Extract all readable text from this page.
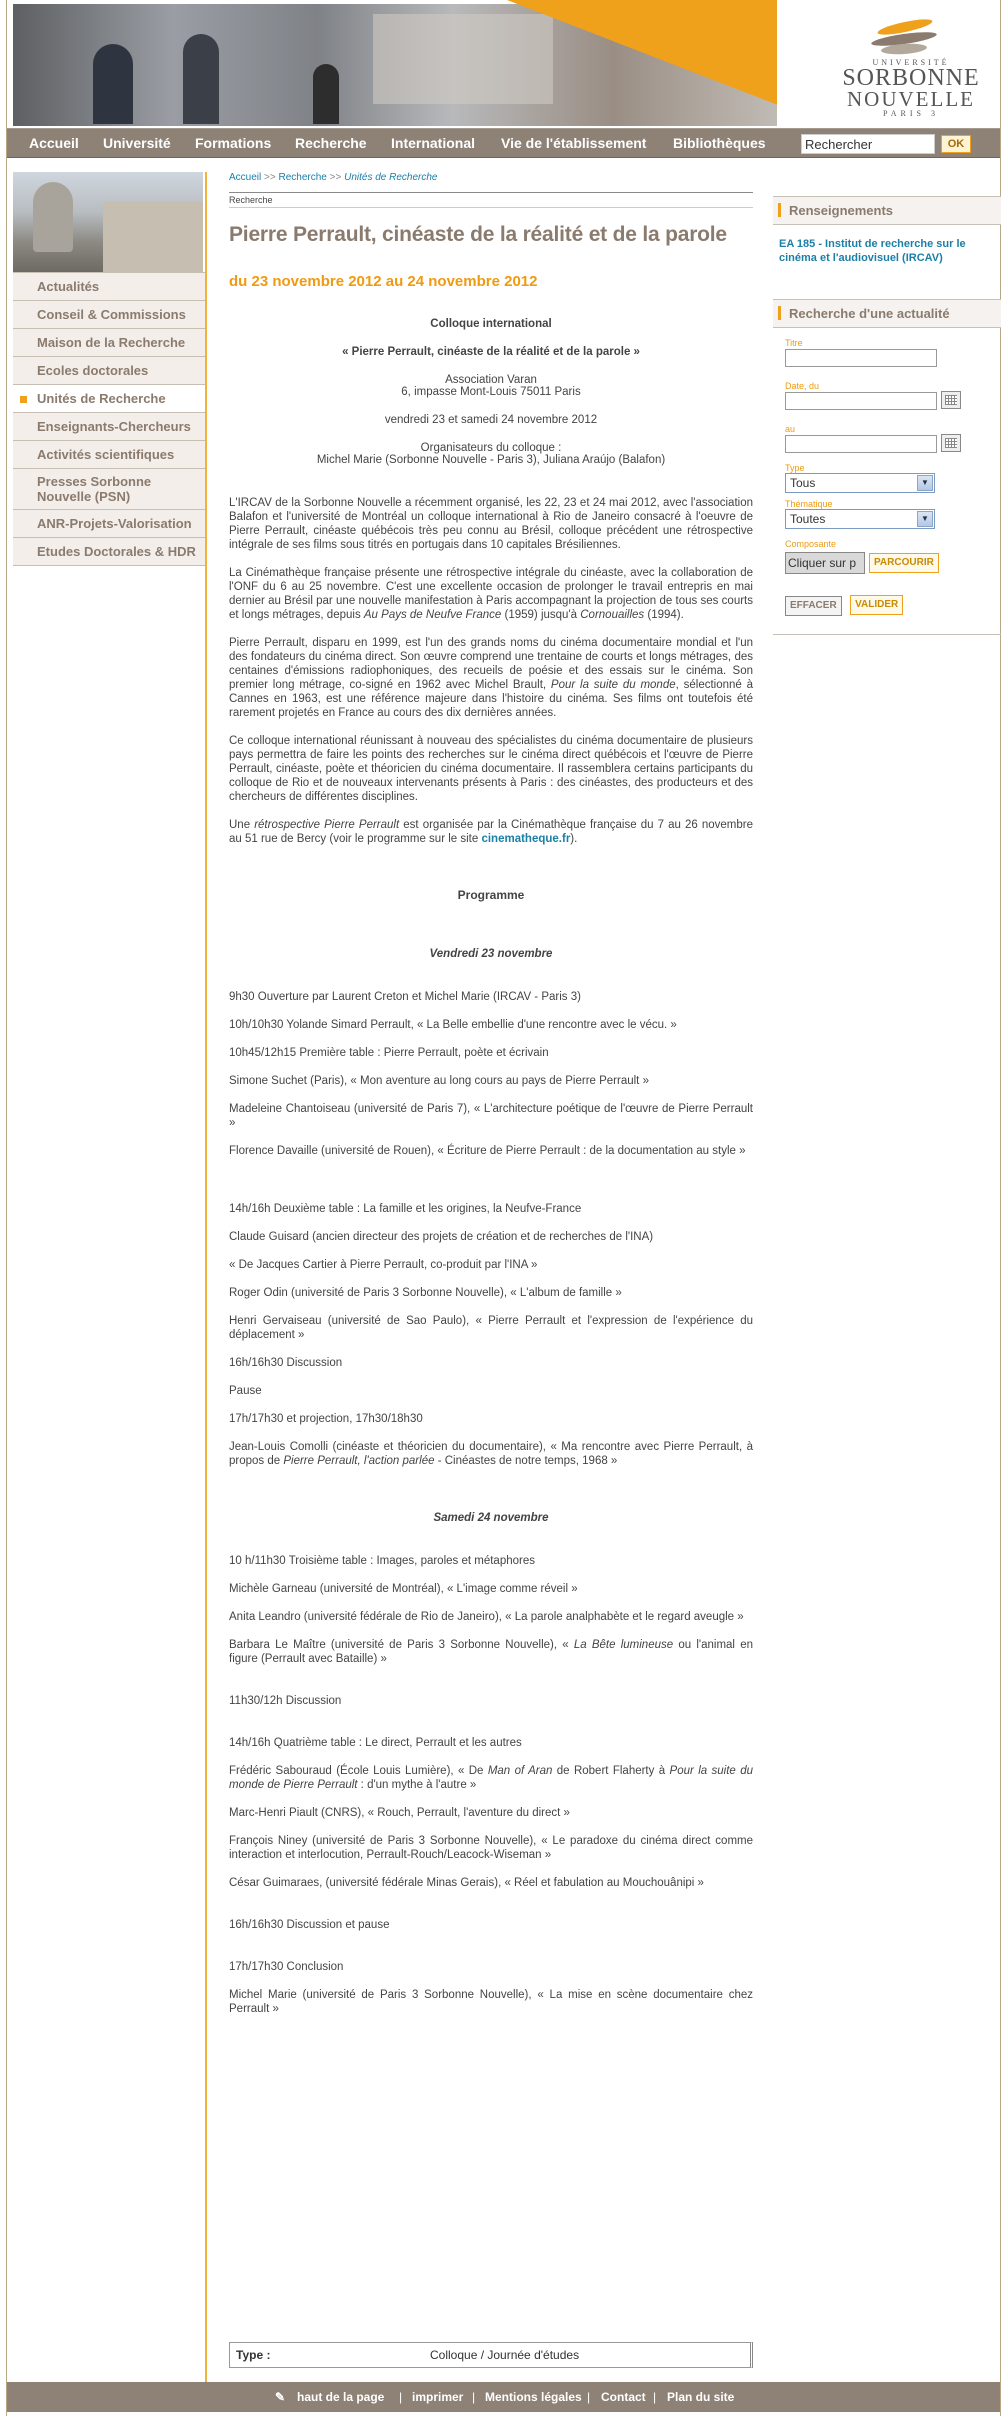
UNIVERSITÉ
SORBONNE
NOUVELLE
PARIS 3
Accueil Université Formations Recherche International Vie de l'établissement Bibliothèques
Rechercher	OK
Actualités
Conseil & Commissions
Maison de la Recherche
Ecoles doctorales
Unités de Recherche
Enseignants-Chercheurs
Activités scientifiques
Presses Sorbonne Nouvelle (PSN)
ANR-Projets-Valorisation
Etudes Doctorales & HDR
Accueil >> Recherche >> Unités de Recherche
Recherche
Pierre Perrault, cinéaste de la réalité et de la parole
du 23 novembre 2012 au 24 novembre 2012
Colloque international
« Pierre Perrault, cinéaste de la réalité et de la parole »
Association Varan
6, impasse Mont-Louis 75011 Paris
vendredi 23 et samedi 24 novembre 2012
Organisateurs du colloque :
Michel Marie (Sorbonne Nouvelle - Paris 3), Juliana Araújo (Balafon)

L'IRCAV de la Sorbonne Nouvelle a récemment organisé, les 22, 23 et 24 mai 2012, avec l'association Balafon et l'université de Montréal un colloque international à Rio de Janeiro consacré à l'oeuvre de Pierre Perrault, cinéaste québécois très peu connu au Brésil, colloque précédent une rétrospective intégrale de ses films sous titrés en portugais dans 10 capitales Brésiliennes.

La Cinémathèque française présente une rétrospective intégrale du cinéaste, avec la collaboration de l'ONF du 6 au 25 novembre. C'est une excellente occasion de prolonger le travail entrepris en mai dernier au Brésil par une nouvelle manifestation à Paris accompagnant la projection de tous ses courts et longs métrages, depuis Au Pays de Neufve France (1959) jusqu'à Cornouailles (1994).

Pierre Perrault, disparu en 1999, est l'un des grands noms du cinéma documentaire mondial et l'un des fondateurs du cinéma direct. Son œuvre comprend une trentaine de courts et longs métrages, des centaines d'émissions radiophoniques, des recueils de poésie et des essais sur le cinéma. Son premier long métrage, co-signé en 1962 avec Michel Brault, Pour la suite du monde, sélectionné à Cannes en 1963, est une référence majeure dans l'histoire du cinéma. Ses films ont toutefois été rarement projetés en France au cours des dix dernières années.

Ce colloque international réunissant à nouveau des spécialistes du cinéma documentaire de plusieurs pays permettra de faire les points des recherches sur le cinéma direct québécois et l'œuvre de Pierre Perrault, cinéaste, poète et théoricien du cinéma documentaire. Il rassemblera certains participants du colloque de Rio et de nouveaux intervenants présents à Paris : des cinéastes, des producteurs et des chercheurs de différentes disciplines.

Une rétrospective Pierre Perrault est organisée par la Cinémathèque française du 7 au 26 novembre au 51 rue de Bercy (voir le programme sur le site cinematheque.fr).

Programme
Vendredi 23 novembre

9h30 Ouverture par Laurent Creton et Michel Marie (IRCAV - Paris 3)

10h/10h30 Yolande Simard Perrault, « La Belle embellie d'une rencontre avec le vécu. »

10h45/12h15 Première table : Pierre Perrault, poète et écrivain

Simone Suchet (Paris), « Mon aventure au long cours au pays de Pierre Perrault »

Madeleine Chantoiseau (université de Paris 7), « L'architecture poétique de l'œuvre de Pierre Perrault »

Florence Davaille (université de Rouen), « Écriture de Pierre Perrault : de la documentation au style »

14h/16h Deuxième table : La famille et les origines, la Neufve-France

Claude Guisard (ancien directeur des projets de création et de recherches de l'INA)

« De Jacques Cartier à Pierre Perrault, co-produit par l'INA »

Roger Odin (université de Paris 3 Sorbonne Nouvelle), « L'album de famille »

Henri Gervaiseau (université de Sao Paulo), « Pierre Perrault et l'expression de l'expérience du déplacement »

16h/16h30 Discussion

Pause

17h/17h30 et projection, 17h30/18h30

Jean-Louis Comolli (cinéaste et théoricien du documentaire), « Ma rencontre avec Pierre Perrault, à propos de Pierre Perrault, l'action parlée - Cinéastes de notre temps, 1968 »

Samedi 24 novembre

10 h/11h30 Troisième table : Images, paroles et métaphores

Michèle Garneau (université de Montréal), « L'image comme réveil »

Anita Leandro (université fédérale de Rio de Janeiro), « La parole analphabète et le regard aveugle »

Barbara Le Maître (université de Paris 3 Sorbonne Nouvelle), « La Bête lumineuse ou l'animal en figure (Perrault avec Bataille) »

11h30/12h Discussion

14h/16h Quatrième table : Le direct, Perrault et les autres

Frédéric Sabouraud (École Louis Lumière), « De Man of Aran de Robert Flaherty à Pour la suite du monde de Pierre Perrault : d'un mythe à l'autre »

Marc-Henri Piault (CNRS), « Rouch, Perrault, l'aventure du direct »

François Niney (université de Paris 3 Sorbonne Nouvelle), « Le paradoxe du cinéma direct comme interaction et interlocution, Perrault-Rouch/Leacock-Wiseman »

César Guimaraes, (université fédérale Minas Gerais), « Réel et fabulation au Mouchouânipi »

16h/16h30 Discussion et pause

17h/17h30 Conclusion

Michel Marie (université de Paris 3 Sorbonne Nouvelle), « La mise en scène documentaire chez Perrault »

Type :	Colloque / Journée d'études
Renseignements
EA 185 - Institut de recherche sur le cinéma et l'audiovisuel (IRCAV)
Recherche d'une actualité
Titre
Date, du
au
Type
Tous	▼
Thématique
Toutes	▼
Composante
Cliquer sur p PARCOURIR
EFFACER VALIDER
✎ haut de la page | imprimer | Mentions légales | Contact | Plan du site
